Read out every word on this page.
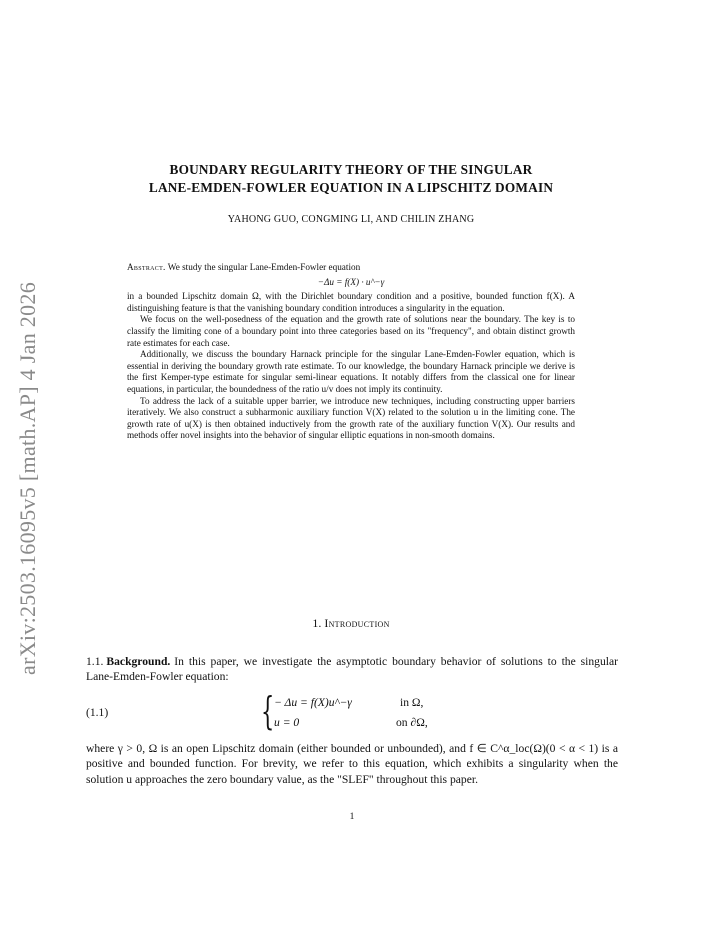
arXiv:2503.16095v5 [math.AP] 4 Jan 2026
BOUNDARY REGULARITY THEORY OF THE SINGULAR
LANE-EMDEN-FOWLER EQUATION IN A LIPSCHITZ DOMAIN
YAHONG GUO, CONGMING LI, AND CHILIN ZHANG

Abstract. We study the singular Lane-Emden-Fowler equation

−Δu = f(X) · u^−γ

in a bounded Lipschitz domain Ω, with the Dirichlet boundary condition and a positive, bounded function f(X). A distinguishing feature is that the vanishing boundary condition introduces a singularity in the equation.

We focus on the well-posedness of the equation and the growth rate of solutions near the boundary. The key is to classify the limiting cone of a boundary point into three categories based on its "frequency", and obtain distinct growth rate estimates for each case.

Additionally, we discuss the boundary Harnack principle for the singular Lane-Emden-Fowler equation, which is essential in deriving the boundary growth rate estimate. To our knowledge, the boundary Harnack principle we derive is the first Kemper-type estimate for singular semi-linear equations. It notably differs from the classical one for linear equations, in particular, the boundedness of the ratio u/v does not imply its continuity.

To address the lack of a suitable upper barrier, we introduce new techniques, including constructing upper barriers iteratively. We also construct a subharmonic auxiliary function V(X) related to the solution u in the limiting cone. The growth rate of u(X) is then obtained inductively from the growth rate of the auxiliary function V(X). Our results and methods offer novel insights into the behavior of singular elliptic equations in non-smooth domains.

1. Introduction

1.1. Background. In this paper, we investigate the asymptotic boundary behavior of solutions to the singular Lane-Emden-Fowler equation:

(1.1)	{ − Δu = f(X)u^−γ	in Ω,
u = 0	on ∂Ω,

where γ > 0, Ω is an open Lipschitz domain (either bounded or unbounded), and f ∈ C^α_loc(Ω)(0 < α < 1) is a positive and bounded function. For brevity, we refer to this equation, which exhibits a singularity when the solution u approaches the zero boundary value, as the "SLEF" throughout this paper.

1
